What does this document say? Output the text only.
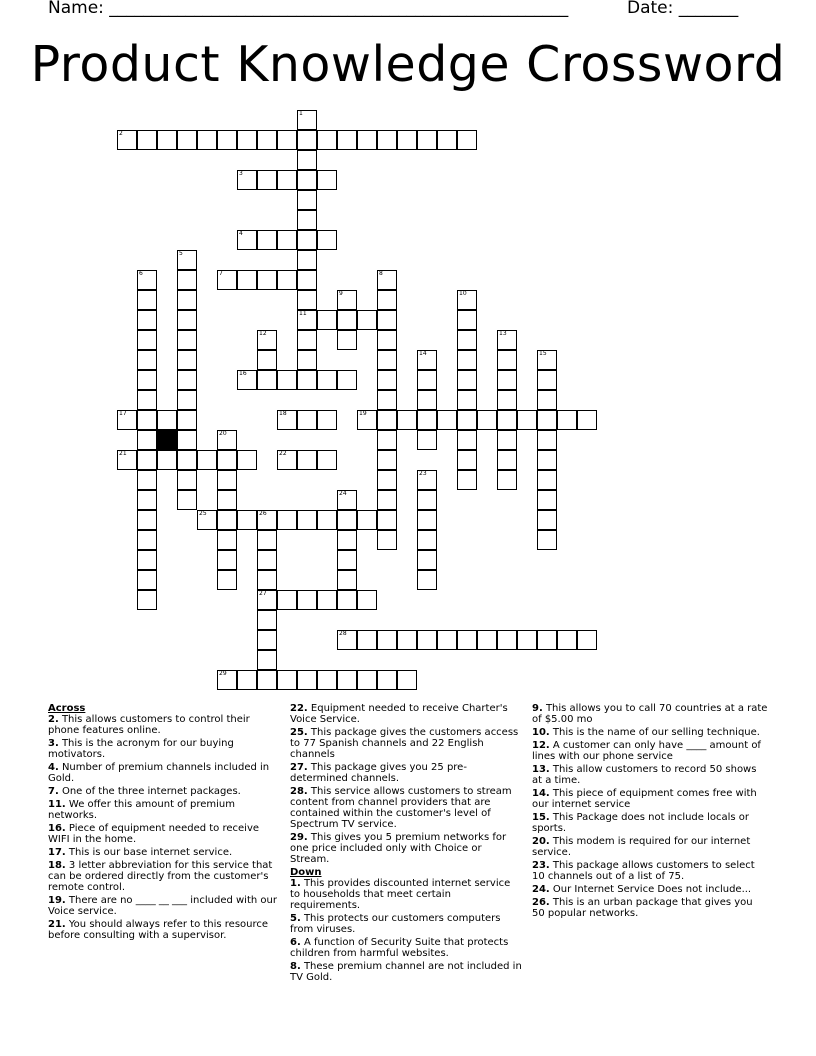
Name: ______________________________________________________	Date: _______
Product Knowledge Crossword
2
3
4
7
11
16
17	18	19
21	22
25	26
27
28
29
1
5
6	8
9	10
12	13
14	15
20
23
24
Across
2. This allows customers to control their phone features online.
3. This is the acronym for our buying motivators.
4. Number of premium channels included in Gold.
7. One of the three internet packages.
11. We offer this amount of premium networks.
16. Piece of equipment needed to receive WIFI in the home.
17. This is our base internet service.
18. 3 letter abbreviation for this service that can be ordered directly from the customer's remote control.
19. There are no ____ __ ___ included with our Voice service.
21. You should always refer to this resource before consulting with a supervisor.
22. Equipment needed to receive Charter's Voice Service.
25. This package gives the customers access to 77 Spanish channels and 22 English channels
27. This package gives you 25 pre-determined channels.
28. This service allows customers to stream content from channel providers that are contained within the customer's level of Spectrum TV service.
29. This gives you 5 premium networks for one price included only with Choice or Stream.
Down
1. This provides discounted internet service to households that meet certain requirements.
5. This protects our customers computers from viruses.
6. A function of Security Suite that protects children from harmful websites.
8. These premium channel are not included in TV Gold.
9. This allows you to call 70 countries at a rate of $5.00 mo
10. This is the name of our selling technique.
12. A customer can only have ____ amount of lines with our phone service
13. This allow customers to record 50 shows at a time.
14. This piece of equipment comes free with our internet service
15. This Package does not include locals or sports.
20. This modem is required for our internet service.
23. This package allows customers to select 10 channels out of a list of 75.
24. Our Internet Service Does not include...
26. This is an urban package that gives you 50 popular networks.
